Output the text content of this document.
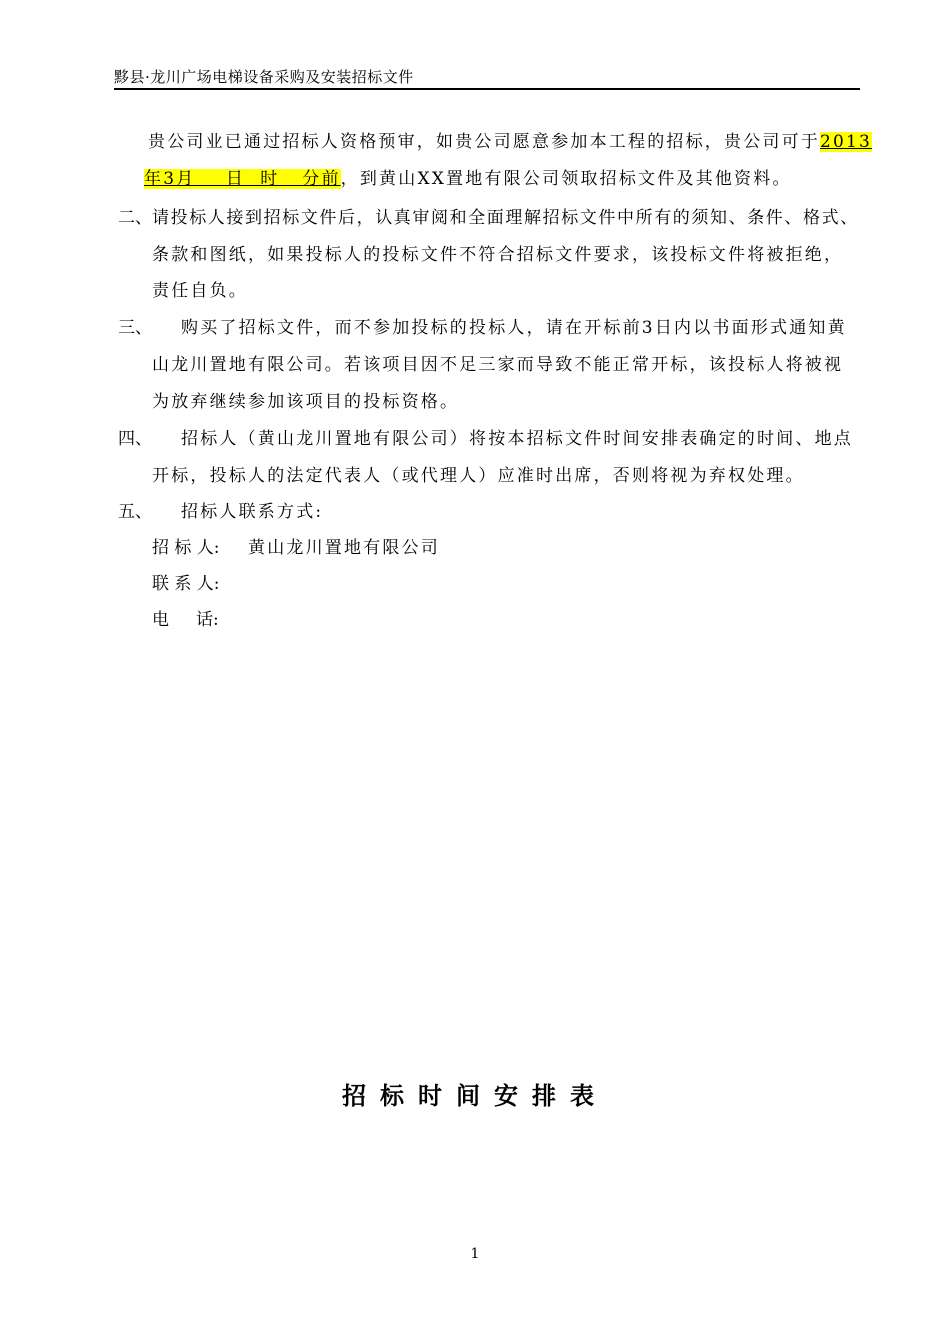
黟县·龙川广场电梯设备采购及安装招标文件
贵公司业已通过招标人资格预审，如贵公司愿意参加本工程的招标，贵公司可于2013
年3月    日  时   分前，到黄山XX置地有限公司领取招标文件及其他资料。
二、 请投标人接到招标文件后，认真审阅和全面理解招标文件中所有的须知、条件、格式、
条款和图纸，如果投标人的投标文件不符合招标文件要求，该投标文件将被拒绝，
责任自负。
三、 购买了招标文件，而不参加投标的投标人，请在开标前3日内以书面形式通知黄
山龙川置地有限公司。若该项目因不足三家而导致不能正常开标，该投标人将被视
为放弃继续参加该项目的投标资格。
四、 招标人（黄山龙川置地有限公司）将按本招标文件时间安排表确定的时间、地点
开标，投标人的法定代表人（或代理人）应准时出席，否则将视为弃权处理。
五、 招标人联系方式:
招 标 人: 黄山龙川置地有限公司
联 系 人:
电     话:
招标时间安排表
1
